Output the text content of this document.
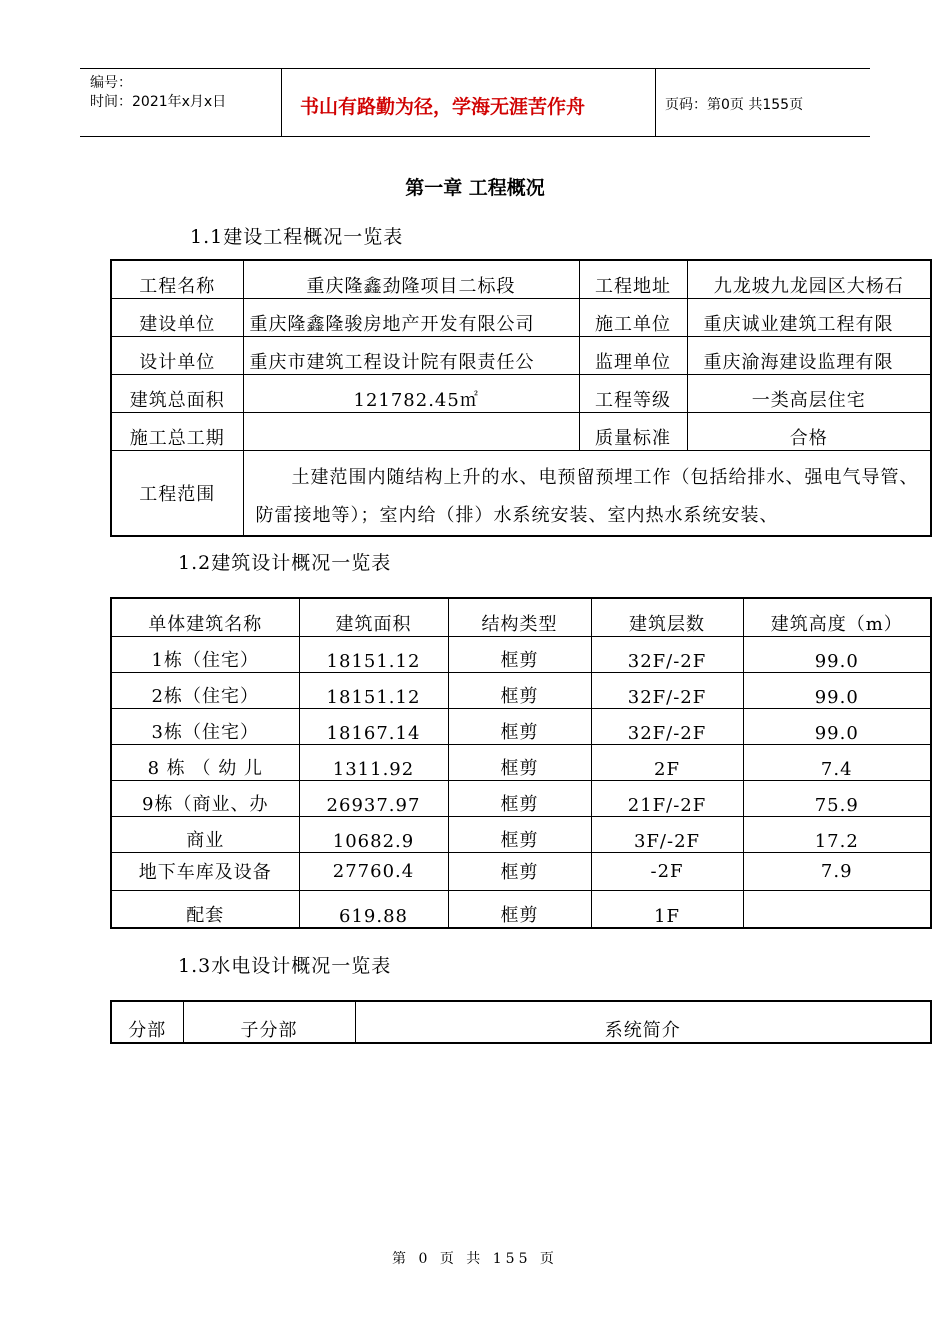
编号：
时间：2021年x月x日	书山有路勤为径，学海无涯苦作舟	页码：第0页 共155页
第一章 工程概况
1.1建设工程概况一览表
工程名称	重庆隆鑫劲隆项目二标段	工程地址	九龙坡九龙园区大杨石
建设单位	重庆隆鑫隆骏房地产开发有限公司	施工单位	重庆诚业建筑工程有限
设计单位	重庆市建筑工程设计院有限责任公	监理单位	重庆渝海建设监理有限
建筑总面积	121782.45㎡	工程等级	一类高层住宅
施工总工期		质量标准	合格
工程范围	土建范围内随结构上升的水、电预留预埋工作（包括给排水、强电气导管、防雷接地等）；室内给（排）水系统安装、室内热水系统安装、		
1.2建筑设计概况一览表
单体建筑名称	建筑面积	结构类型	建筑层数	建筑高度（m）
1栋（住宅）	18151.12	框剪	32F/-2F	99.0
2栋（住宅）	18151.12	框剪	32F/-2F	99.0
3栋（住宅）	18167.14	框剪	32F/-2F	99.0
8 栋 （ 幼 儿	1311.92	框剪	2F	7.4
9栋（商业、办	26937.97	框剪	21F/-2F	75.9
商业	10682.9	框剪	3F/-2F	17.2
地下车库及设备	27760.4	框剪	-2F	7.9
配套	619.88	框剪	1F	
1.3水电设计概况一览表
分部	子分部	系统简介
第 0 页 共 155 页
